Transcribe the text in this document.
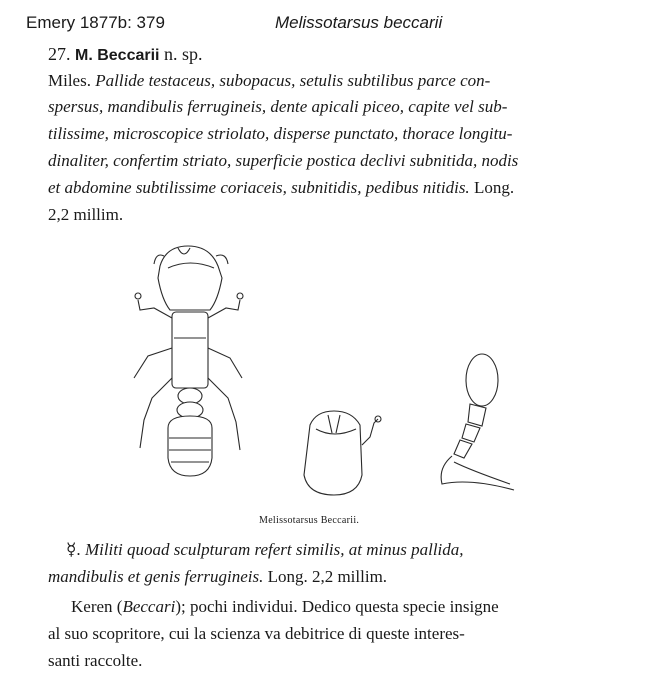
Emery 1877b: 379	Melissotarsus beccarii
27. M. Beccarii n. sp.
Miles. Pallide testaceus, subopacus, setulis subtilibus parce con-
spersus, mandibulis ferrugineis, dente apicali piceo, capite vel sub-
tilissime, microscopice striolato, disperse punctato, thorace longitu-
dinaliter, confertim striato, superficie postica declivi subnitida, nodis
et abdomine subtilissime coriaceis, subnitidis, pedibus nitidis. Long.
2,2 millim.
Melissotarsus Beccarii.
☿. Militi quoad sculpturam refert similis, at minus pallida,
mandibulis et genis ferrugineis. Long. 2,2 millim.
Keren (Beccari); pochi individui. Dedico questa specie insigne
al suo scopritore, cui la scienza va debitrice di queste interes-
santi raccolte.
